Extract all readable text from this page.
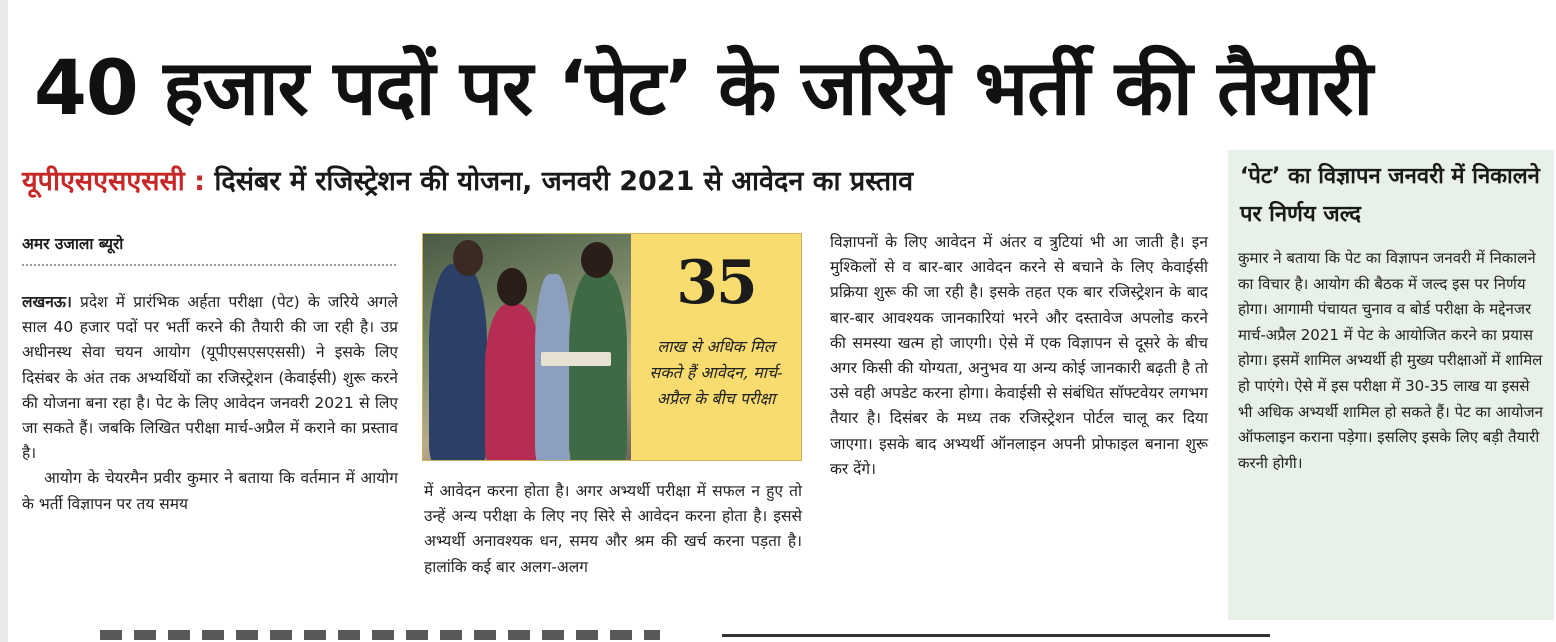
40 हजार पदों पर ‘पेट’ के जरिये भर्ती की तैयारी
यूपीएसएसएससी : दिसंबर में रजिस्ट्रेशन की योजना, जनवरी 2021 से आवेदन का प्रस्ताव
अमर उजाला ब्यूरो

लखनऊ। प्रदेश में प्रारंभिक अर्हता परीक्षा (पेट) के जरिये अगले साल 40 हजार पदों पर भर्ती करने की तैयारी की जा रही है। उप्र अधीनस्थ सेवा चयन आयोग (यूपीएसएसएससी) ने इसके लिए दिसंबर के अंत तक अभ्यर्थियों का रजिस्ट्रेशन (केवाईसी) शुरू करने की योजना बना रहा है। पेट के लिए आवेदन जनवरी 2021 से लिए जा सकते हैं। जबकि लिखित परीक्षा मार्च-अप्रैल में कराने का प्रस्ताव है।

आयोग के चेयरमैन प्रवीर कुमार ने बताया कि वर्तमान में आयोग के भर्ती विज्ञापन पर तय समय

35
लाख से अधिक मिल सकते हैं आवेदन, मार्च-अप्रैल के बीच परीक्षा

में आवेदन करना होता है। अगर अभ्यर्थी परीक्षा में सफल न हुए तो उन्हें अन्य परीक्षा के लिए नए सिरे से आवेदन करना होता है। इससे अभ्यर्थी अनावश्यक धन, समय और श्रम की खर्च करना पड़ता है। हालांकि कई बार अलग-अलग

विज्ञापनों के लिए आवेदन में अंतर व त्रुटियां भी आ जाती है। इन मुश्किलों से व बार-बार आवेदन करने से बचाने के लिए केवाईसी प्रक्रिया शुरू की जा रही है। इसके तहत एक बार रजिस्ट्रेशन के बाद बार-बार आवश्यक जानकारियां भरने और दस्तावेज अपलोड करने की समस्या खत्म हो जाएगी। ऐसे में एक विज्ञापन से दूसरे के बीच अगर किसी की योग्यता, अनुभव या अन्य कोई जानकारी बढ़ती है तो उसे वही अपडेट करना होगा। केवाईसी से संबंधित सॉफ्टवेयर लगभग तैयार है। दिसंबर के मध्य तक रजिस्ट्रेशन पोर्टल चालू कर दिया जाएगा। इसके बाद अभ्यर्थी ऑनलाइन अपनी प्रोफाइल बनाना शुरू कर देंगे।

‘पेट’ का विज्ञापन जनवरी में निकालने पर निर्णय जल्द
कुमार ने बताया कि पेट का विज्ञापन जनवरी में निकालने का विचार है। आयोग की बैठक में जल्द इस पर निर्णय होगा। आगामी पंचायत चुनाव व बोर्ड परीक्षा के मद्देनजर मार्च-अप्रैल 2021 में पेट के आयोजित करने का प्रयास होगा। इसमें शामिल अभ्यर्थी ही मुख्य परीक्षाओं में शामिल हो पाएंगे। ऐसे में इस परीक्षा में 30-35 लाख या इससे भी अधिक अभ्यर्थी शामिल हो सकते हैं। पेट का आयोजन ऑफलाइन कराना पड़ेगा। इसलिए इसके लिए बड़ी तैयारी करनी होगी।
